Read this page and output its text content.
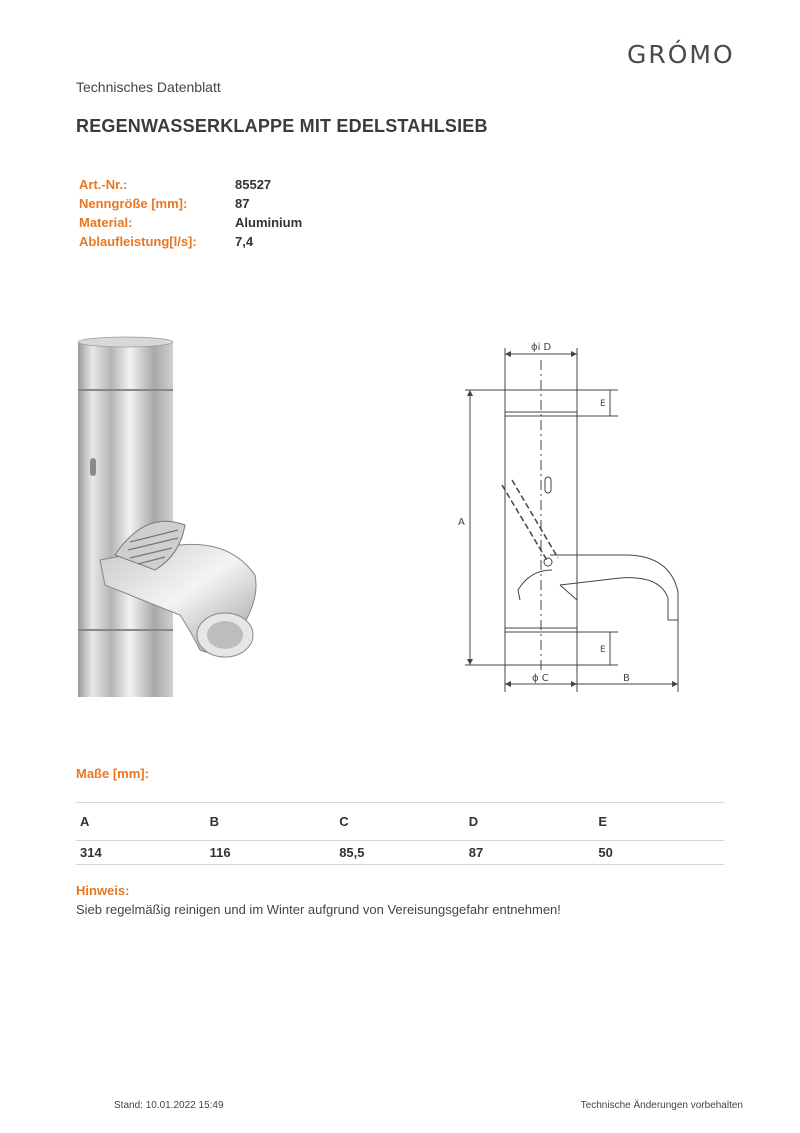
GRÓMO
Technisches Datenblatt
REGENWASSERKLAPPE MIT EDELSTAHLSIEB
Art.-Nr.:	85527
Nenngröße [mm]:	87
Material:	Aluminium
Ablaufleistung[l/s]:	7,4
ϕi D
ϕ C	B
A
E
E
Maße [mm]:
A	B	C	D	E
314	116	85,5	87	50
Hinweis:
Sieb regelmäßig reinigen und im Winter aufgrund von Vereisungsgefahr entnehmen!
Stand: 10.01.2022 15:49	Technische Änderungen vorbehalten
